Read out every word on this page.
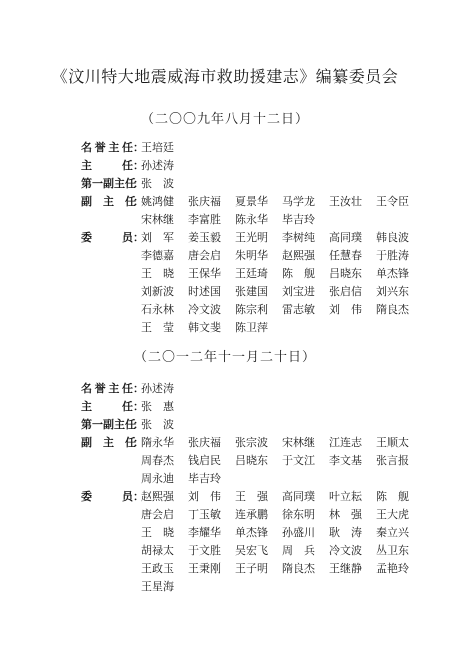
《汶川特大地震威海市救助援建志》编纂委员会
（二〇〇九年八月十二日）
名誉主任：
王培廷
主　　任：
孙述涛
第一副主任：
张　波
副　主　任：
姚鸿健 张庆福 夏景华 马学龙 王汝壮 王令臣
宋林继 李富胜 陈永华 毕吉玲
委　　员：
刘　军 姜玉毅 王光明 李树纯 高同璞 韩良波
李德嘉 唐会启 朱明华 赵熙强 任慧春 于胜涛
王　晓 王保华 王廷琦 陈　舰 吕晓东 单杰锋
刘新波 时述国 张建国 刘宝进 张启信 刘兴东
石永林 冷文波 陈宗利 雷志敏 刘　伟 隋良杰
王　莹 韩文斐 陈卫萍
（二〇一二年十一月二十日）
名誉主任：
孙述涛
主　　任：
张　惠
第一副主任：
张　波
副　主　任：
隋永华 张庆福 张宗波 宋林继 江连志 王顺太
周春杰 钱启民 吕晓东 于文江 李文基 张言报
周永迪 毕吉玲
委　　员：
赵熙强 刘　伟 王　强 高同璞 叶立耘 陈　舰
唐会启 丁玉敏 连承鹏 徐东明 林　强 王大虎
王　晓 李耀华 单杰锋 孙盛川 耿　涛 秦立兴
胡禄太 于文胜 吴宏飞 周　兵 冷文波 丛卫东
王政玉 王秉刚 王子明 隋良杰 王继静 孟艳玲
王星海
